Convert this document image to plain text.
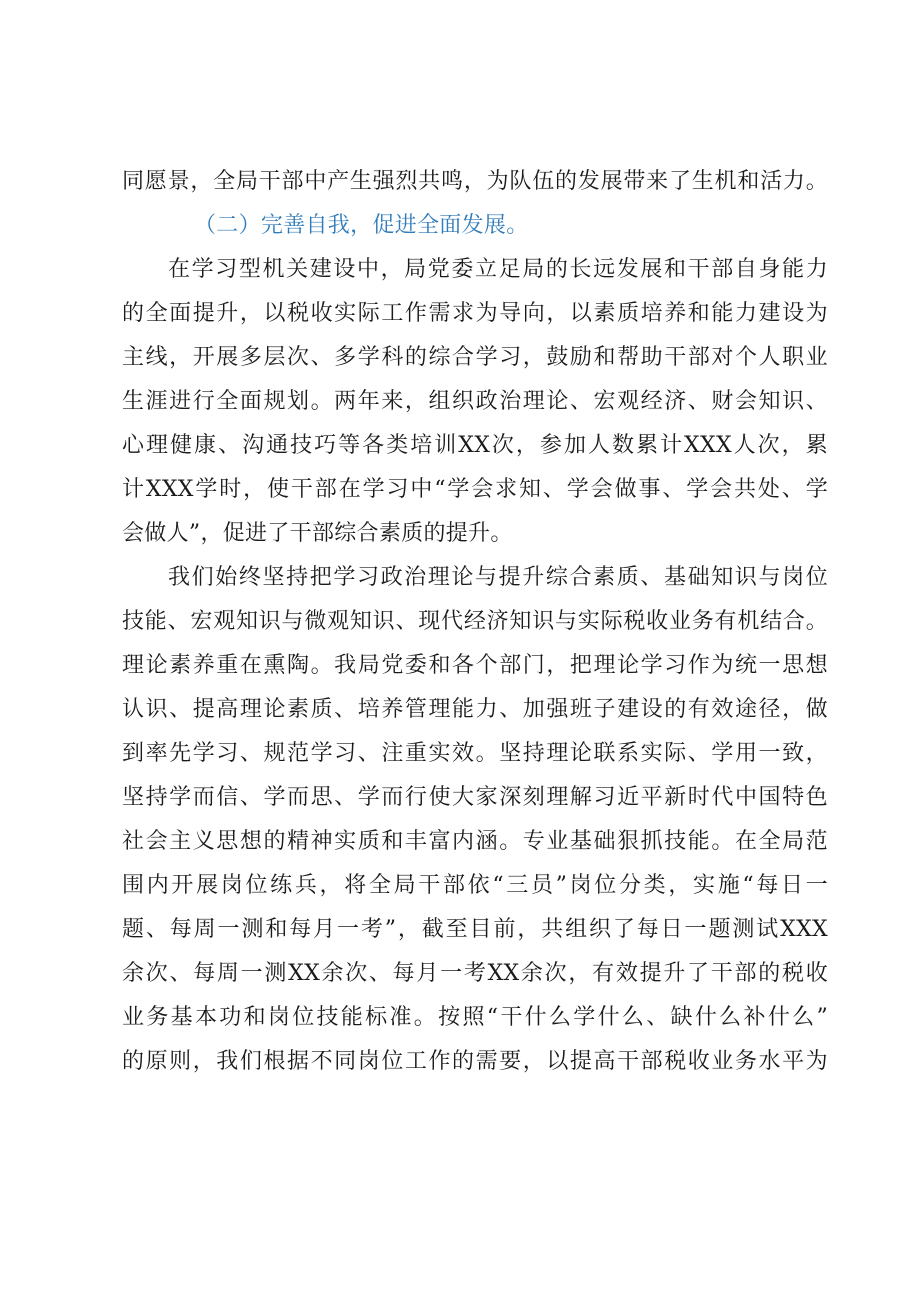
同愿景，全局干部中产生强烈共鸣，为队伍的发展带来了生机和活力。
（二）完善自我，促进全面发展。
在学习型机关建设中，局党委立足局的长远发展和干部自身能力
的全面提升，以税收实际工作需求为导向，以素质培养和能力建设为
主线，开展多层次、多学科的综合学习，鼓励和帮助干部对个人职业
生涯进行全面规划。两年来，组织政治理论、宏观经济、财会知识、
心理健康、沟通技巧等各类培训XX次，参加人数累计XXX人次，累
计XXX学时，使干部在学习中“学会求知、学会做事、学会共处、学
会做人”，促进了干部综合素质的提升。
我们始终坚持把学习政治理论与提升综合素质、基础知识与岗位
技能、宏观知识与微观知识、现代经济知识与实际税收业务有机结合。
理论素养重在熏陶。我局党委和各个部门，把理论学习作为统一思想
认识、提高理论素质、培养管理能力、加强班子建设的有效途径，做
到率先学习、规范学习、注重实效。坚持理论联系实际、学用一致，
坚持学而信、学而思、学而行使大家深刻理解习近平新时代中国特色
社会主义思想的精神实质和丰富内涵。专业基础狠抓技能。在全局范
围内开展岗位练兵，将全局干部依“三员”岗位分类，实施“每日一
题、每周一测和每月一考”，截至目前，共组织了每日一题测试XXX
余次、每周一测XX余次、每月一考XX余次，有效提升了干部的税收
业务基本功和岗位技能标准。按照“干什么学什么、缺什么补什么”
的原则，我们根据不同岗位工作的需要，以提高干部税收业务水平为
